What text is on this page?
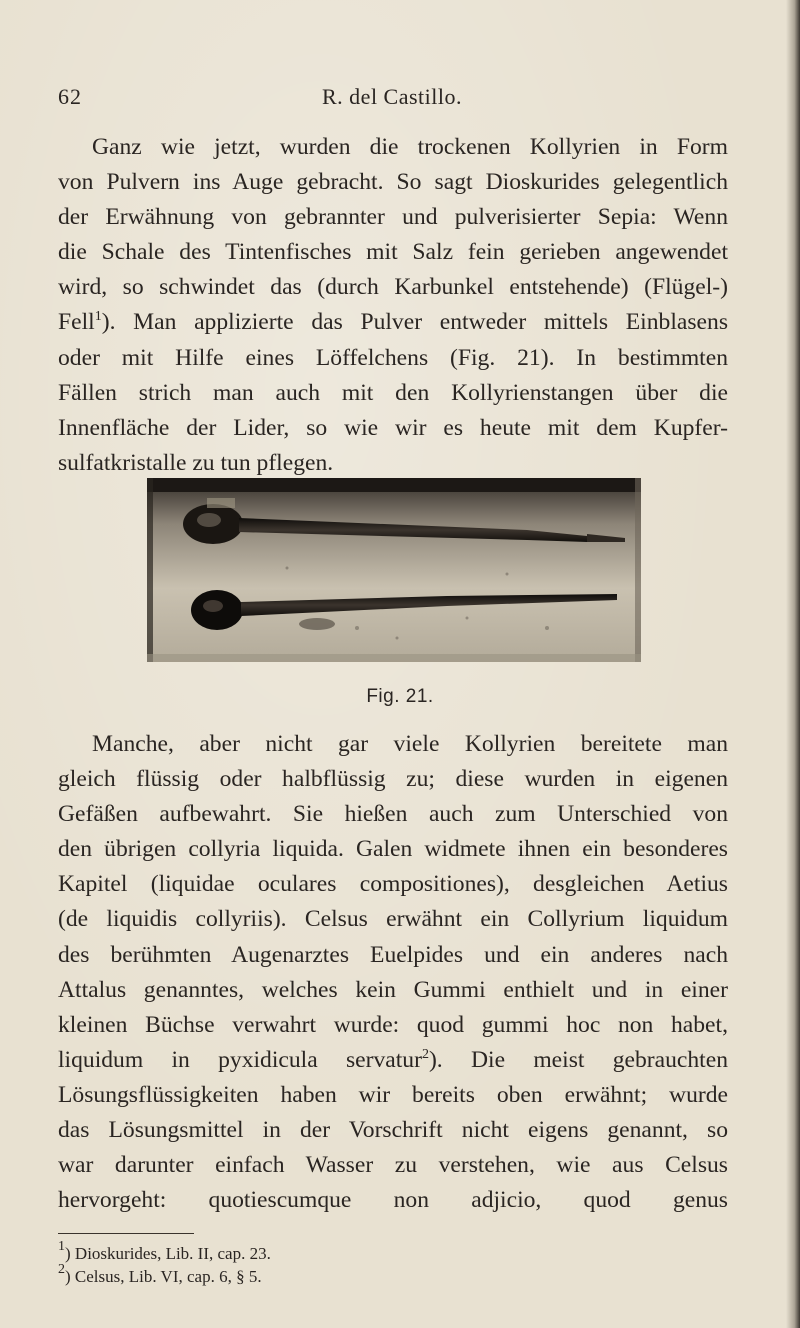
62	R. del Castillo.
Ganz wie jetzt, wurden die trockenen Kollyrien in Form
von Pulvern ins Auge gebracht. So sagt Dioskurides gelegentlich
der Erwähnung von gebrannter und pulverisierter Sepia: Wenn
die Schale des Tintenfisches mit Salz fein gerieben angewendet
wird, so schwindet das (durch Karbunkel entstehende) (Flügel-)
Fell$^1$). Man applizierte das Pulver entweder mittels Einblasens
oder mit Hilfe eines Löffelchens (Fig. 21). In bestimmten
Fällen strich man auch mit den Kollyrienstangen über die
Innenfläche der Lider, so wie wir es heute mit dem Kupfer-
sulfatkristalle zu tun pflegen.
Fig. 21.
Manche, aber nicht gar viele Kollyrien bereitete man
gleich flüssig oder halbflüssig zu; diese wurden in eigenen
Gefäßen aufbewahrt. Sie hießen auch zum Unterschied von
den übrigen collyria liquida. Galen widmete ihnen ein besonderes
Kapitel (liquidae oculares compositiones), desgleichen Aetius
(de liquidis collyriis). Celsus erwähnt ein Collyrium liquidum
des berühmten Augenarztes Euelpides und ein anderes nach
Attalus genanntes, welches kein Gummi enthielt und in einer
kleinen Büchse verwahrt wurde: quod gummi hoc non habet,
liquidum in pyxidicula servatur$^2$). Die meist gebrauchten
Lösungsflüssigkeiten haben wir bereits oben erwähnt; wurde
das Lösungsmittel in der Vorschrift nicht eigens genannt, so
war darunter einfach Wasser zu verstehen, wie aus Celsus
hervorgeht: quotiescumque non adjicio, quod genus
$^1$) Dioskurides, Lib. II, cap. 23.
$^2$) Celsus, Lib. VI, cap. 6, § 5.
